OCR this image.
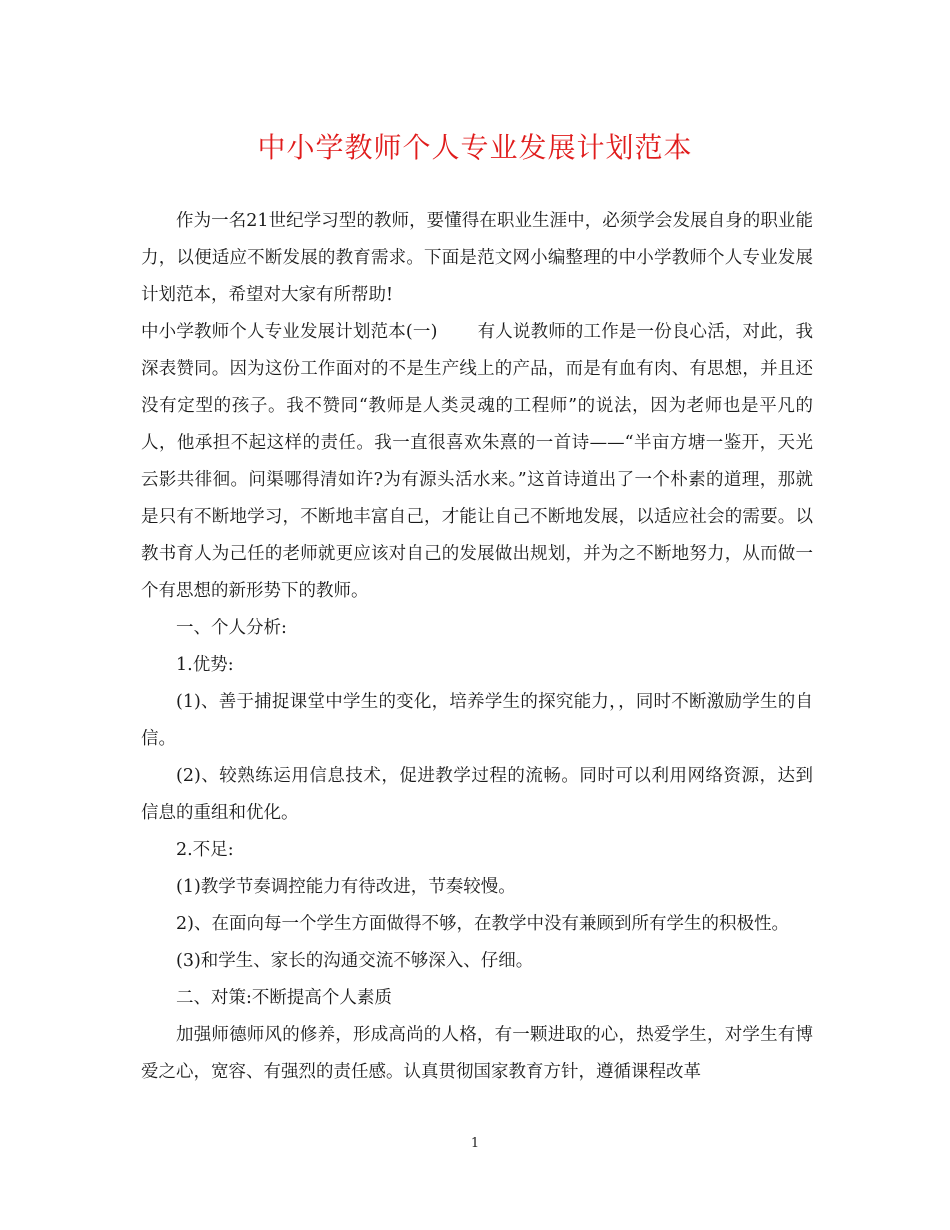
中小学教师个人专业发展计划范本

作为一名21世纪学习型的教师，要懂得在职业生涯中，必须学会发展自身的职业能力，以便适应不断发展的教育需求。下面是范文网小编整理的中小学教师个人专业发展计划范本，希望对大家有所帮助!

中小学教师个人专业发展计划范本(一) 有人说教师的工作是一份良心活，对此，我深表赞同。因为这份工作面对的不是生产线上的产品，而是有血有肉、有思想，并且还没有定型的孩子。我不赞同“教师是人类灵魂的工程师”的说法，因为老师也是平凡的人，他承担不起这样的责任。我一直很喜欢朱熹的一首诗——“半亩方塘一鉴开，天光云影共徘徊。问渠哪得清如许?为有源头活水来。”这首诗道出了一个朴素的道理，那就是只有不断地学习，不断地丰富自己，才能让自己不断地发展，以适应社会的需要。以教书育人为己任的老师就更应该对自己的发展做出规划，并为之不断地努力，从而做一个有思想的新形势下的教师。

一、个人分析:

1.优势:

(1)、善于捕捉课堂中学生的变化，培养学生的探究能力，，同时不断激励学生的自信。

(2)、较熟练运用信息技术，促进教学过程的流畅。同时可以利用网络资源，达到信息的重组和优化。

2.不足:

(1)教学节奏调控能力有待改进，节奏较慢。

2)、在面向每一个学生方面做得不够，在教学中没有兼顾到所有学生的积极性。

(3)和学生、家长的沟通交流不够深入、仔细。

二、对策:不断提高个人素质

加强师德师风的修养，形成高尚的人格，有一颗进取的心，热爱学生，对学生有博爱之心，宽容、有强烈的责任感。认真贯彻国家教育方针，遵循课程改革

1
